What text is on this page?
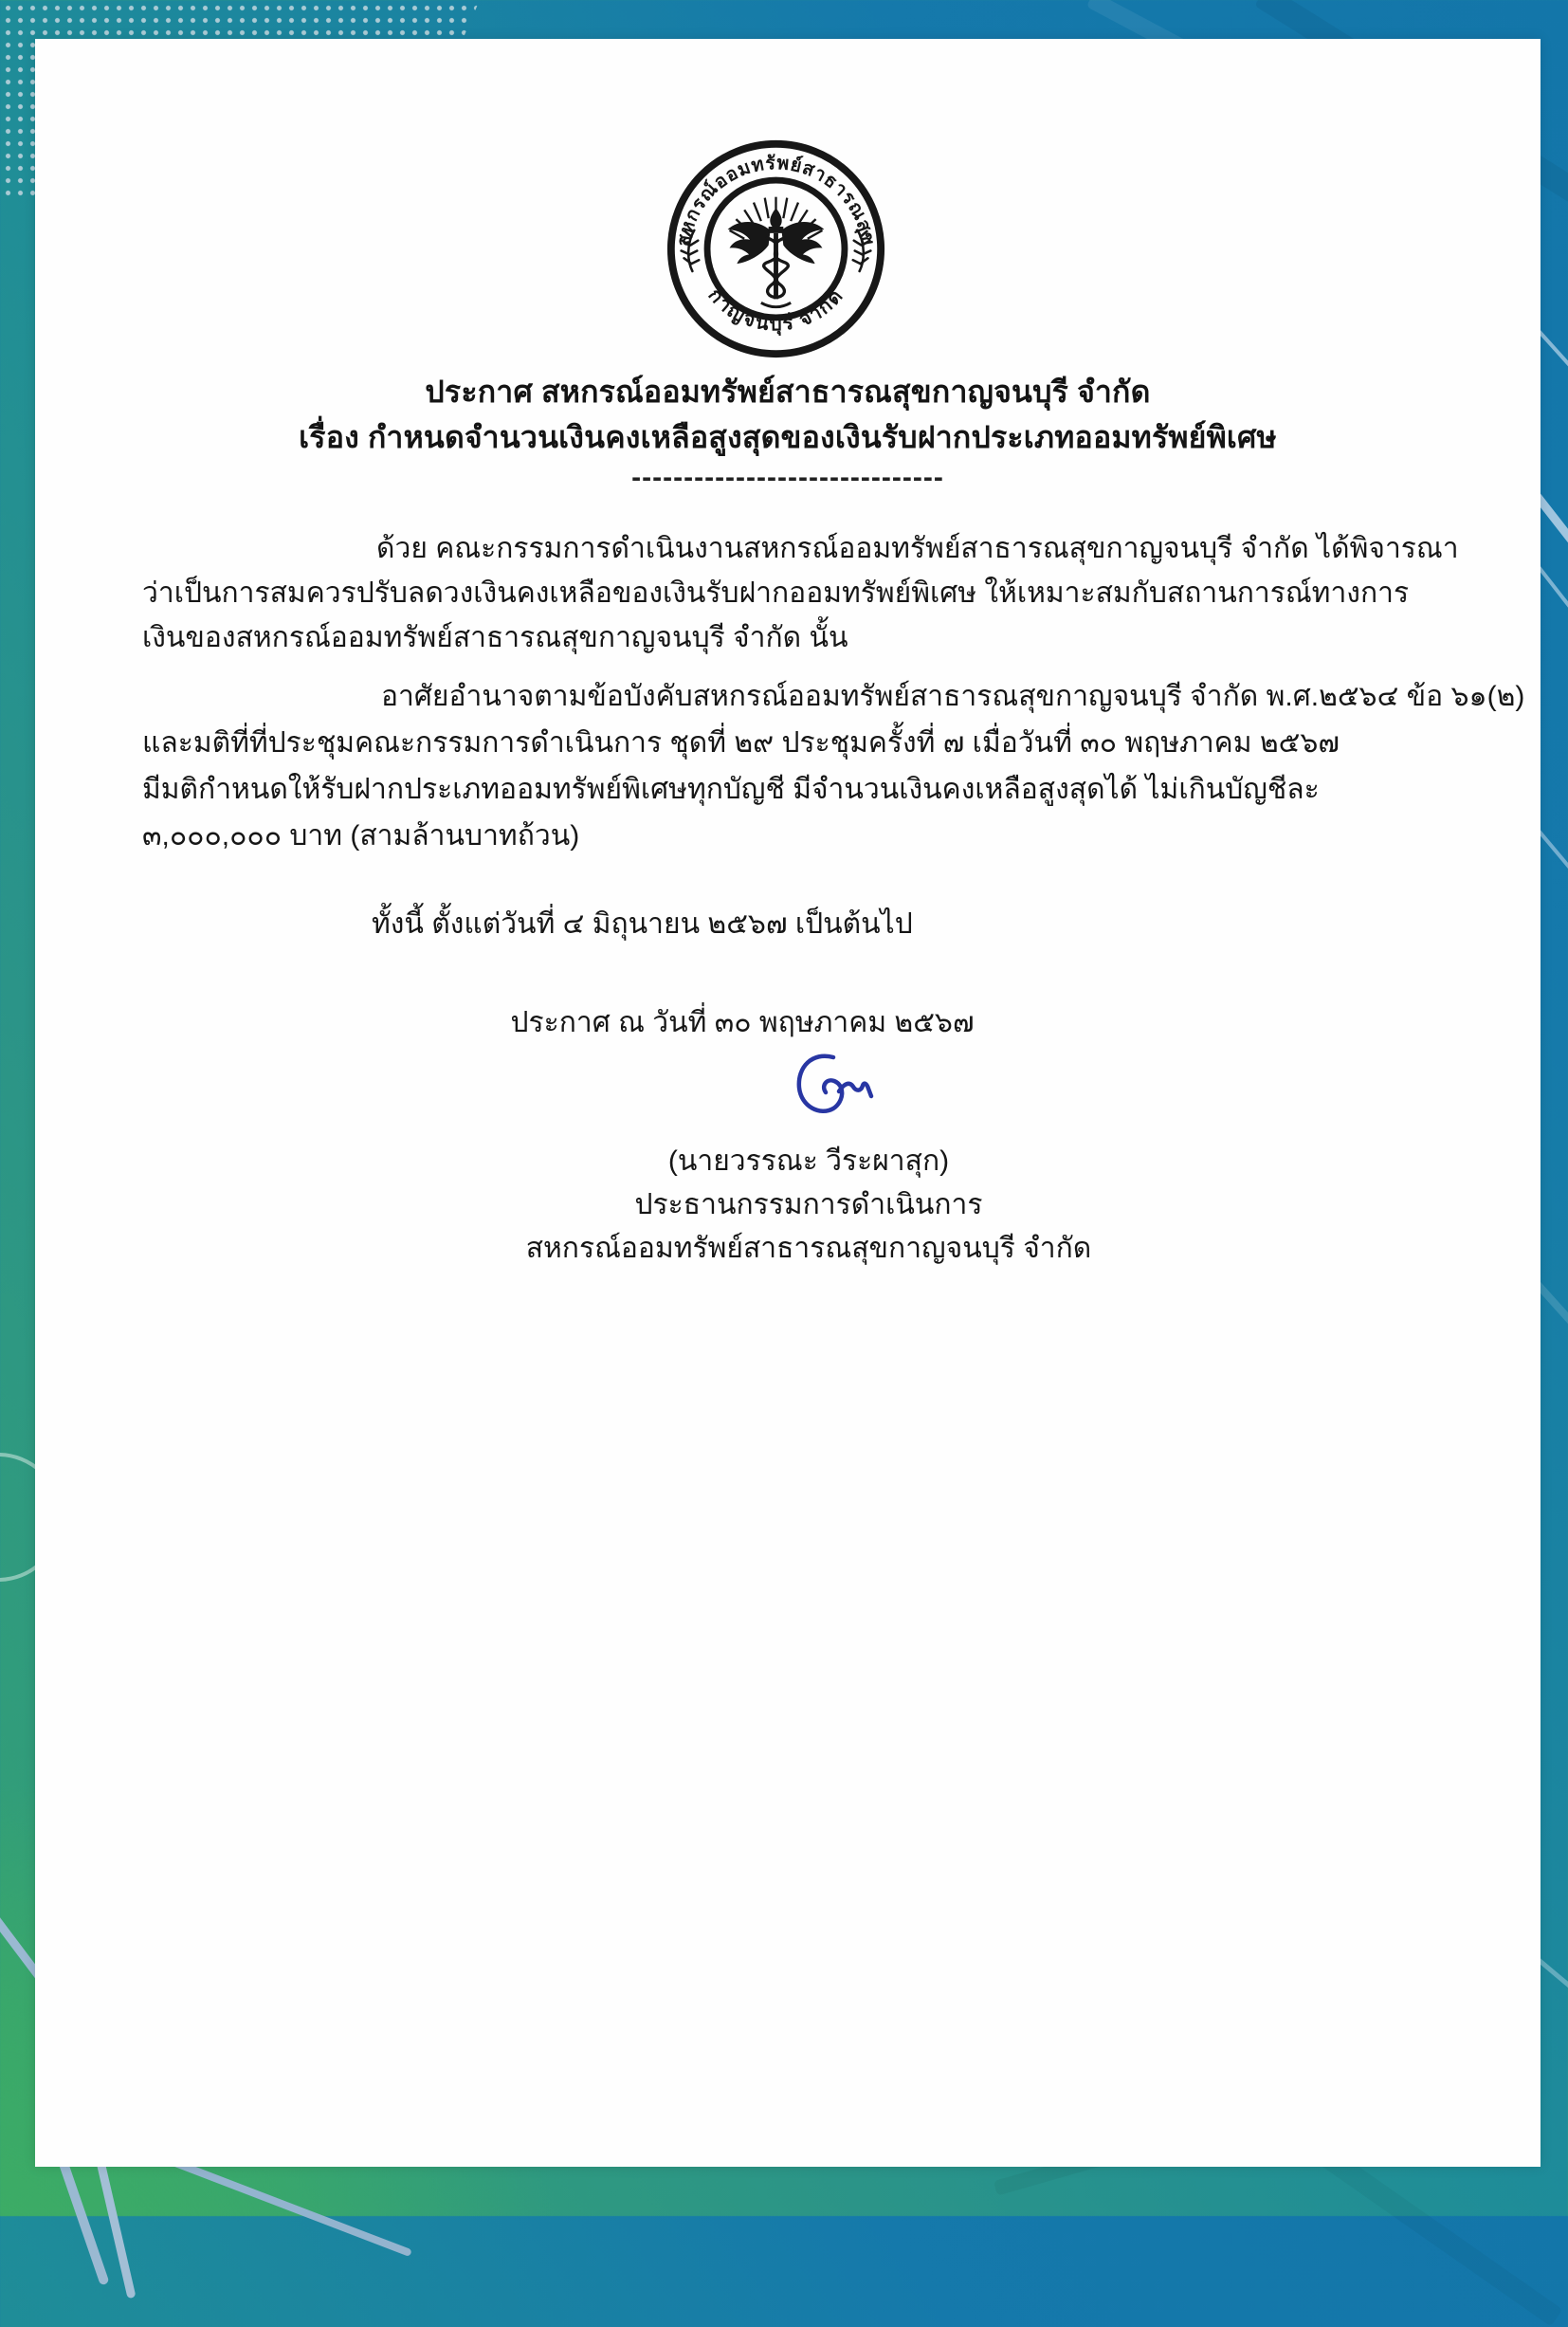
สหกรณ์ออมทรัพย์สาธารณสุข
กาญจนบุรี จำกัด
ประกาศ สหกรณ์ออมทรัพย์สาธารณสุขกาญจนบุรี จำกัด
เรื่อง กำหนดจำนวนเงินคงเหลือสูงสุดของเงินรับฝากประเภทออมทรัพย์พิเศษ
------------------------------
ด้วย คณะกรรมการดำเนินงานสหกรณ์ออมทรัพย์สาธารณสุขกาญจนบุรี จำกัด ได้พิจารณา
ว่าเป็นการสมควรปรับลดวงเงินคงเหลือของเงินรับฝากออมทรัพย์พิเศษ ให้เหมาะสมกับสถานการณ์ทางการ
เงินของสหกรณ์ออมทรัพย์สาธารณสุขกาญจนบุรี จำกัด นั้น
อาศัยอำนาจตามข้อบังคับสหกรณ์ออมทรัพย์สาธารณสุขกาญจนบุรี จำกัด พ.ศ.๒๕๖๔ ข้อ ๖๑(๒)
และมติที่ที่ประชุมคณะกรรมการดำเนินการ ชุดที่ ๒๙ ประชุมครั้งที่ ๗ เมื่อวันที่ ๓๐ พฤษภาคม ๒๕๖๗
มีมติกำหนดให้รับฝากประเภทออมทรัพย์พิเศษทุกบัญชี มีจำนวนเงินคงเหลือสูงสุดได้ ไม่เกินบัญชีละ
๓,๐๐๐,๐๐๐ บาท (สามล้านบาทถ้วน)
ทั้งนี้ ตั้งแต่วันที่ ๔ มิถุนายน ๒๕๖๗ เป็นต้นไป
ประกาศ ณ วันที่ ๓๐ พฤษภาคม ๒๕๖๗
(นายวรรณะ วีระผาสุก)
ประธานกรรมการดำเนินการ
สหกรณ์ออมทรัพย์สาธารณสุขกาญจนบุรี จำกัด
